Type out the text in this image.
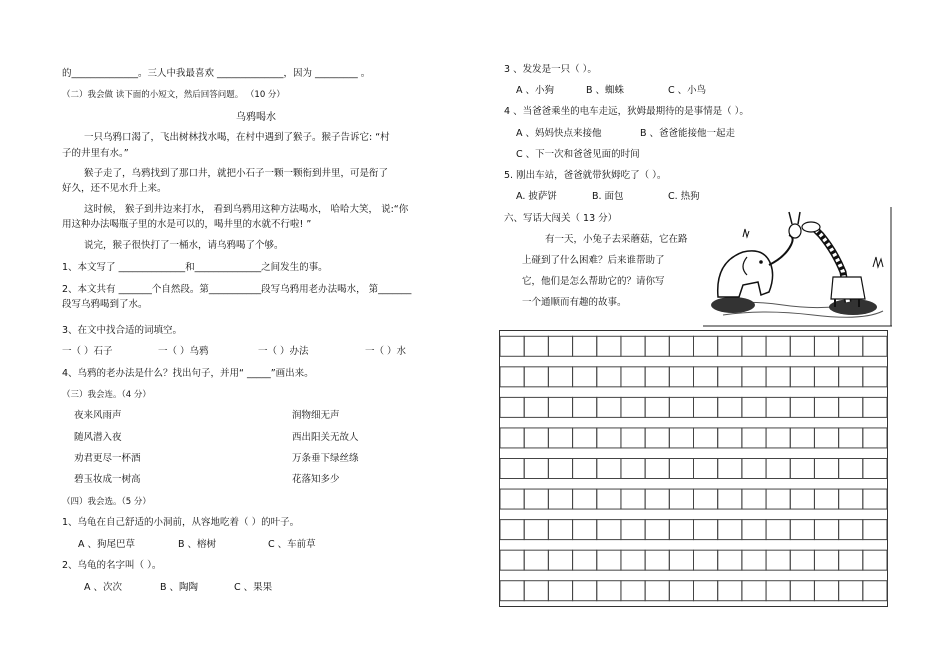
的______________。三人中我最喜欢 ______________，因为 _________ 。
（二）我会做 读下面的小短文，然后回答问题。 （10 分）
乌鸦喝水
一只乌鸦口渴了，飞出树林找水喝，在村中遇到了猴子。猴子告诉它: “村
子的井里有水。”
猴子走了，乌鸦找到了那口井，就把小石子一颗一颗衔到井里，可是衔了
好久，还不见水升上来。
这时候， 猴子到井边来打水， 看到乌鸦用这种方法喝水， 哈哈大笑， 说:“你
用这种办法喝瓶子里的水是可以的，喝井里的水就不行啦! ”
说完，猴子很快打了一桶水，请乌鸦喝了个够。
1、本文写了 ______________和______________之间发生的事。
2、本文共有 _______个自然段。第___________段写乌鸦用老办法喝水， 第_______
段写乌鸦喝到了水。
3、在文中找合适的词填空。
一（ ）石子	一（ ）乌鸦	一（ ）办法	一（ ）水
4、乌鸦的老办法是什么？找出句子，并用“ _____”画出来。
（三）我会连。（4 分）
夜来风雨声
随风潜入夜
劝君更尽一杯酒
碧玉妆成一树高
润物细无声
西出阳关无故人
万条垂下绿丝绦
花落知多少
（四）我会选。（5 分）
1、乌龟在自己舒适的小洞前，从容地吃着（ ）的叶子。
A 、狗尾巴草	B 、榕树	C 、车前草
2、乌龟的名字叫（ ）。
A 、次次	B 、陶陶	C 、果果
3 、发发是一只（ ）。
A 、小狗	B 、蜘蛛	C 、小鸟
4 、当爸爸乘坐的电车走远，狄姆最期待的是事情是（ ）。
A 、妈妈快点来接他	B 、爸爸能接他一起走
C 、下一次和爸爸见面的时间
5. 刚出车站，爸爸就带狄姆吃了（ ）。
A. 披萨饼	B. 面包	C. 热狗
六、写话大闯关（ 13 分）
有一天，小兔子去采蘑菇，它在路
上碰到了什么困难？后来谁帮助了
它，他们是怎么帮助它的？请你写
一个通顺而有趣的故事。
